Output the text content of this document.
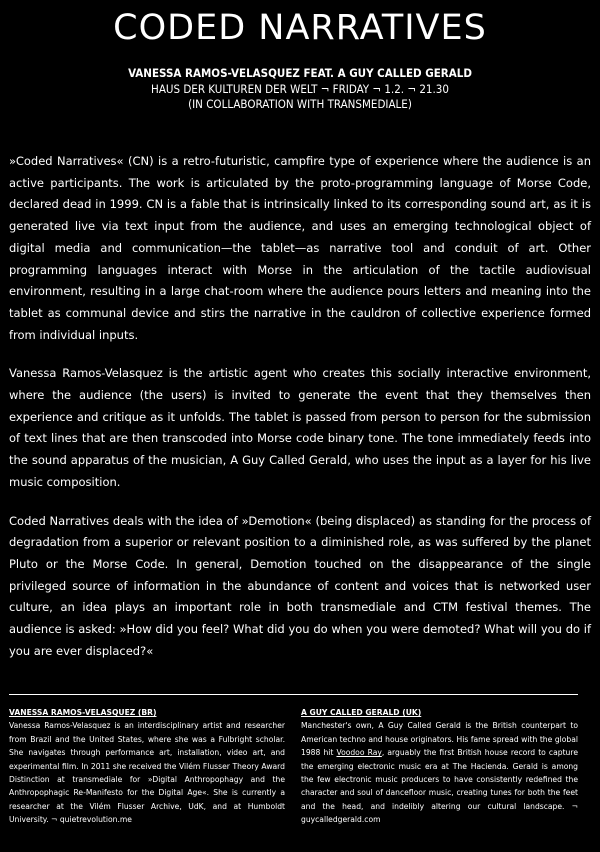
CODED NARRATIVES
VANESSA RAMOS-VELASQUEZ FEAT. A GUY CALLED GERALD
HAUS DER KULTUREN DER WELT ¬ FRIDAY ¬ 1.2. ¬ 21.30
(IN COLLABORATION WITH TRANSMEDIALE)

»Coded Narratives« (CN) is a retro-futuristic, campfire type of experience where the audience is an active participants. The work is articulated by the proto-programming language of Morse Code, declared dead in 1999. CN is a fable that is intrinsically linked to its corresponding sound art, as it is generated live via text input from the audience, and uses an emerging technological object of digital media and communication—the tablet—as narrative tool and conduit of art. Other programming languages interact with Morse in the articulation of the tactile audiovisual environment, resulting in a large chat-room where the audience pours letters and meaning into the tablet as communal device and stirs the narrative in the cauldron of collective experience formed from individual inputs.

Vanessa Ramos-Velasquez is the artistic agent who creates this socially interactive environment, where the audience (the users) is invited to generate the event that they themselves then experience and critique as it unfolds. The tablet is passed from person to person for the submission of text lines that are then transcoded into Morse code binary tone. The tone immediately feeds into the sound apparatus of the musician, A Guy Called Gerald, who uses the input as a layer for his live music composition.

Coded Narratives deals with the idea of »Demotion« (being displaced) as standing for the process of degradation from a superior or relevant position to a diminished role, as was suffered by the planet Pluto or the Morse Code. In general, Demotion touched on the disappearance of the single privileged source of information in the abundance of content and voices that is networked user culture, an idea plays an important role in both transmediale and CTM festival themes. The audience is asked: »How did you feel? What did you do when you were demoted? What will you do if you are ever displaced?«

VANESSA RAMOS-VELASQUEZ (BR)
Vanessa Ramos-Velasquez is an interdisciplinary artist and researcher from Brazil and the United States, where she was a Fulbright scholar. She navigates through performance art, installation, video art, and experimental film. In 2011 she received the Vilém Flusser Theory Award Distinction at transmediale for »Digital Anthropophagy and the Anthropophagic Re-Manifesto for the Digital Age«. She is currently a researcher at the Vilém Flusser Archive, UdK, and at Humboldt University. ¬ quietrevolution.me
A GUY CALLED GERALD (UK)
Manchester's own, A Guy Called Gerald is the British counterpart to American techno and house originators. His fame spread with the global 1988 hit Voodoo Ray, arguably the first British house record to capture the emerging electronic music era at The Hacienda. Gerald is among the few electronic music producers to have consistently redefined the character and soul of dancefloor music, creating tunes for both the feet and the head, and indelibly altering our cultural landscape. ¬ guycalledgerald.com
